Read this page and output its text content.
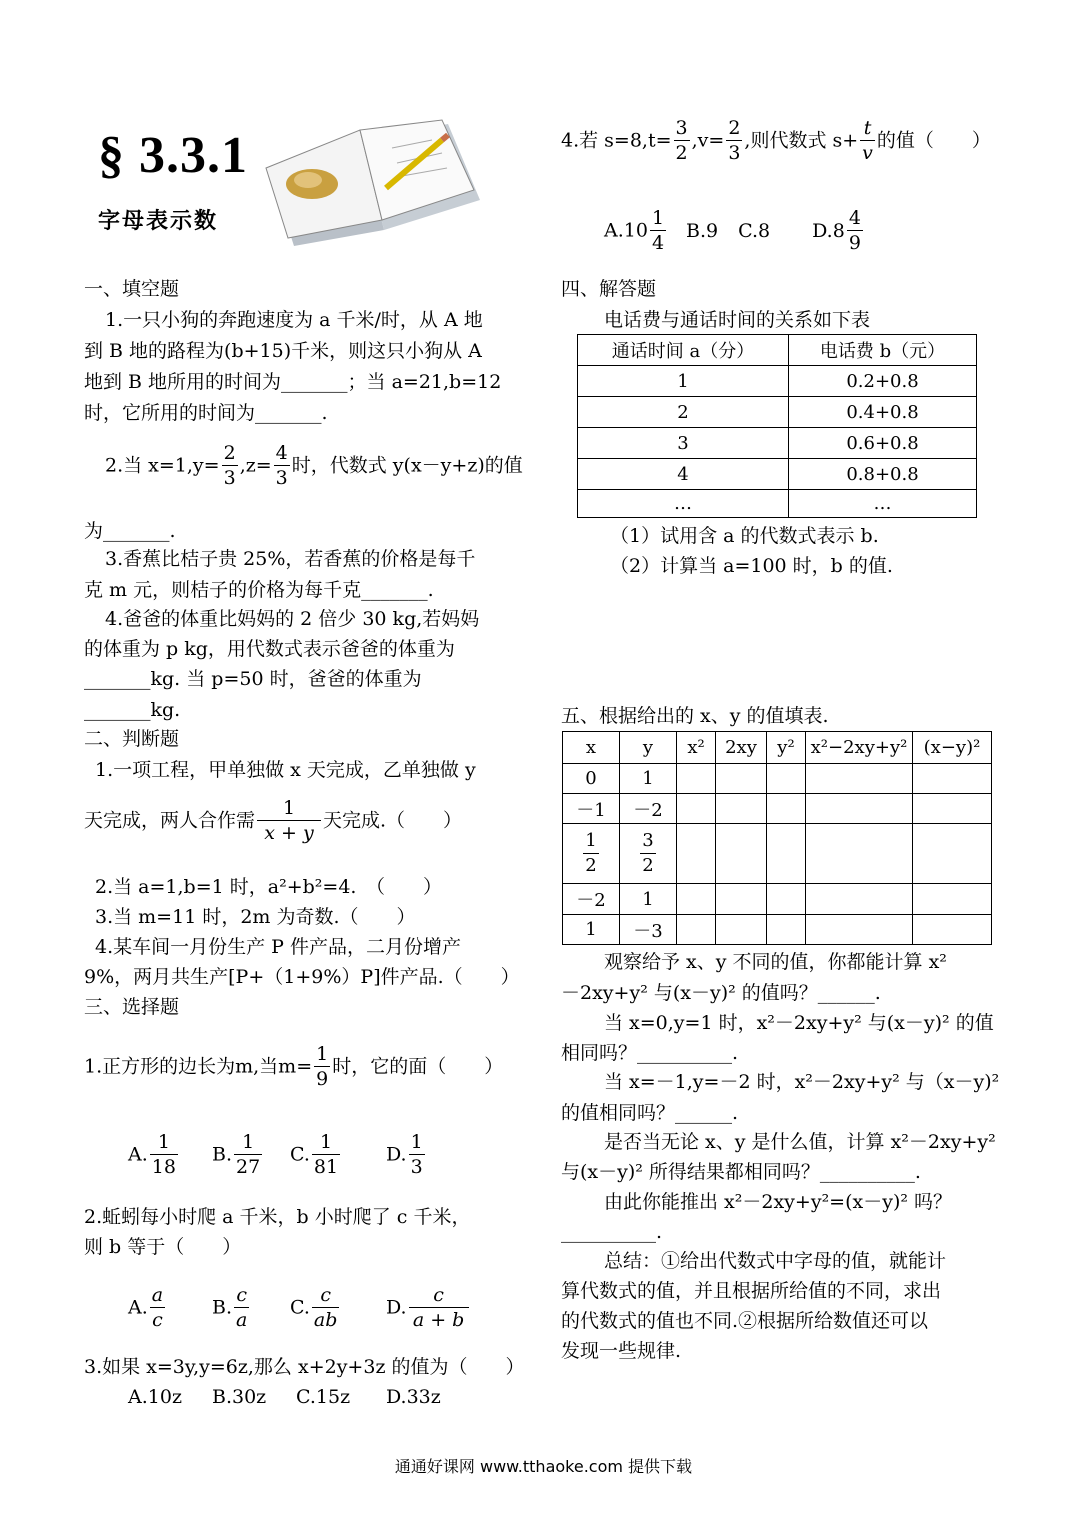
§ 3.3.1
字母表示数
一、填空题
1.一只小狗的奔跑速度为 a 千米/时，从 A 地
到 B 地的路程为(b+15)千米，则这只小狗从 A
地到 B 地所用的时间为_______；当 a=21,b=12
时，它所用的时间为_______.
2.当 $x=1,y= \frac{2}{3} ,z= \frac{4}{3}$ 时，代数式 y(x－y+z)的值
为_______.
3.香蕉比桔子贵 25%，若香蕉的价格是每千
克 m 元，则桔子的价格为每千克_______.
4.爸爸的体重比妈妈的 2 倍少 30 kg,若妈妈
的体重为 p kg，用代数式表示爸爸的体重为
_______kg. 当 p=50 时，爸爸的体重为
_______kg.
二、判断题
1.一项工程，甲单独做 x 天完成，乙单独做 y
天完成，两人合作需 $\frac{1}{x + y}$ 天完成.（　　）
2.当 a=1,b=1 时，a²+b²=4.　（　　）
3.当 m=11 时，2m 为奇数.（　　）
4.某车间一月份生产 P 件产品，二月份增产
9%，两月共生产[P+（1+9%）P]件产品.（　　）
三、选择题
1.正方形的边长为m,当$m= \frac{1}{9}$ 时，它的面（　　）
A. $\frac{1}{18} B$. $\frac{1}{27} C$. $\frac{1}{81} D$. $\frac{1}{3}$
2.蚯蚓每小时爬 a 千米，b 小时爬了 c 千米，
则 b 等于（　　）
A. $\frac{a}{c} B$. $\frac{c}{a} C$. $\frac{c}{ab} D$. $\frac{c}{a + b}$
3.如果 x=3y,y=6z,那么 x+2y+3z 的值为（　　）
A.10z B.30z C.15z D.33z
4.若 $s=8,t= \frac{3}{2} ,v= \frac{2}{3}$ ,则代数式 $s+ \frac{t}{v}$ 的值（　　）
$A.10 \frac{1}{4} B.9$ C.8 $D.8 \frac{4}{9}$
四、解答题
电话费与通话时间的关系如下表
通话时间 a（分）	电话费 b（元）
1	0.2+0.8
2	0.4+0.8
3	0.6+0.8
4	0.8+0.8
…	…
（1）试用含 a 的代数式表示 b.
（2）计算当 a=100 时，b 的值.
五、根据给出的 x、y 的值填表.
x	y	x²	2xy	y²	x²−2xy+y²	(x−y)²
0	1					
－1	－2					

$\frac{1}{2}$	$\frac{3}{2}$

－2	1					
1	－3					
观察给予 x、y 不同的值，你都能计算 x²
－2xy+y² 与(x－y)² 的值吗？______.
当 x=0,y=1 时，x²－2xy+y² 与(x－y)² 的值
相同吗？__________.
当 x=－1,y=－2 时，x²－2xy+y² 与（x－y)²
的值相同吗？______.
是否当无论 x、y 是什么值，计算 x²－2xy+y²
与(x－y)² 所得结果都相同吗？__________.
由此你能推出 x²－2xy+y²=(x－y)² 吗？
__________.
总结：①给出代数式中字母的值，就能计
算代数式的值，并且根据所给值的不同，求出
的代数式的值也不同.②根据所给数值还可以
发现一些规律.
通通好课网 www.tthaoke.com 提供下载
